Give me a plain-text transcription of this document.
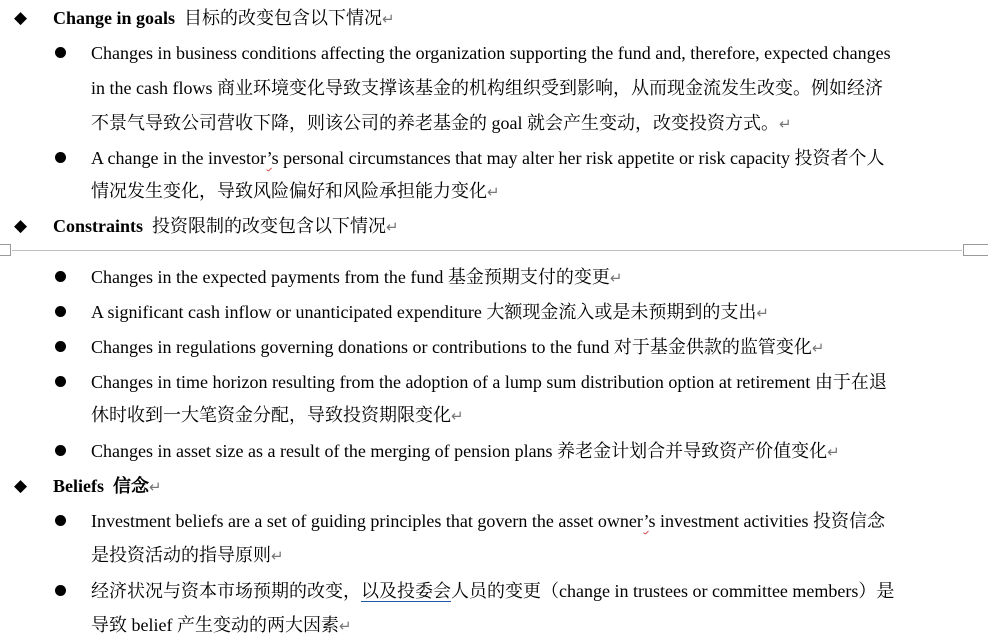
◆ Change in goals 目标的改变包含以下情况↵
Changes in business conditions affecting the organization supporting the fund and, therefore, expected changes
in the cash flows 商业环境变化导致支撑该基金的机构组织受到影响，从而现金流发生改变。例如经济
不景气导致公司营收下降，则该公司的养老基金的 goal 就会产生变动，改变投资方式。↵
A change in the investor’s personal circumstances that may alter her risk appetite or risk capacity 投资者个人
情况发生变化，导致风险偏好和风险承担能力变化↵
◆ Constraints 投资限制的改变包含以下情况↵
Changes in the expected payments from the fund 基金预期支付的变更↵
A significant cash inflow or unanticipated expenditure 大额现金流入或是未预期到的支出↵
Changes in regulations governing donations or contributions to the fund 对于基金供款的监管变化↵
Changes in time horizon resulting from the adoption of a lump sum distribution option at retirement 由于在退
休时收到一大笔资金分配，导致投资期限变化↵
Changes in asset size as a result of the merging of pension plans 养老金计划合并导致资产价值变化↵
◆ Beliefs 信念↵
Investment beliefs are a set of guiding principles that govern the asset owner’s investment activities 投资信念
是投资活动的指导原则↵
经济状况与资本市场预期的改变，以及投委会人员的变更（change in trustees or committee members）是
导致 belief 产生变动的两大因素↵
